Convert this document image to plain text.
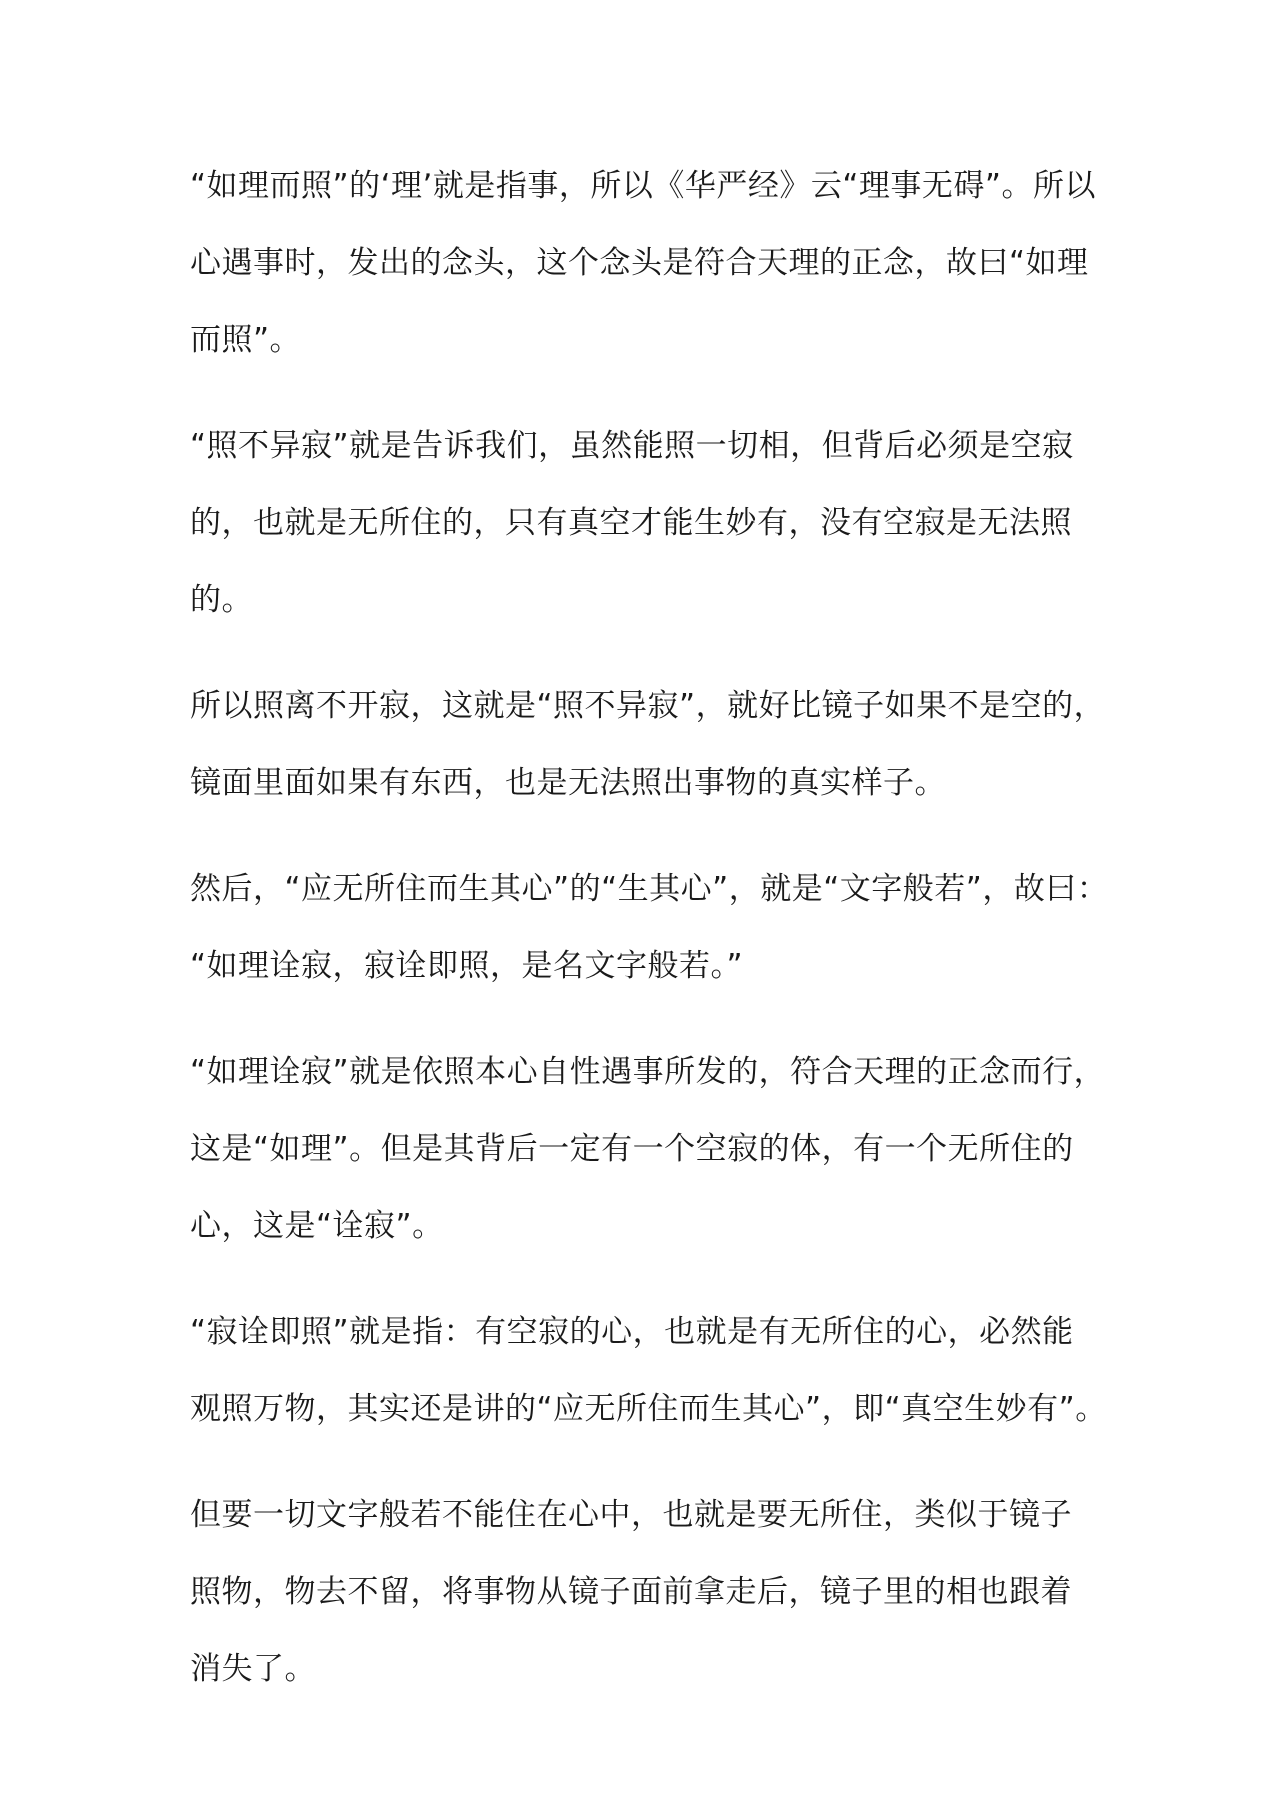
“如理而照”的‘理’就是指事，所以《华严经》云“理事无碍”。所以
心遇事时，发出的念头，这个念头是符合天理的正念，故曰“如理
而照”。

“照不异寂”就是告诉我们，虽然能照一切相，但背后必须是空寂
的，也就是无所住的，只有真空才能生妙有，没有空寂是无法照
的。

所以照离不开寂，这就是“照不异寂”，就好比镜子如果不是空的，
镜面里面如果有东西，也是无法照出事物的真实样子。

然后，“应无所住而生其心”的“生其心”，就是“文字般若”，故曰：
“如理诠寂，寂诠即照，是名文字般若。”

“如理诠寂”就是依照本心自性遇事所发的，符合天理的正念而行，
这是“如理”。但是其背后一定有一个空寂的体，有一个无所住的
心，这是“诠寂”。

“寂诠即照”就是指：有空寂的心，也就是有无所住的心，必然能
观照万物，其实还是讲的“应无所住而生其心”，即“真空生妙有”。

但要一切文字般若不能住在心中，也就是要无所住，类似于镜子
照物，物去不留，将事物从镜子面前拿走后，镜子里的相也跟着
消失了。
